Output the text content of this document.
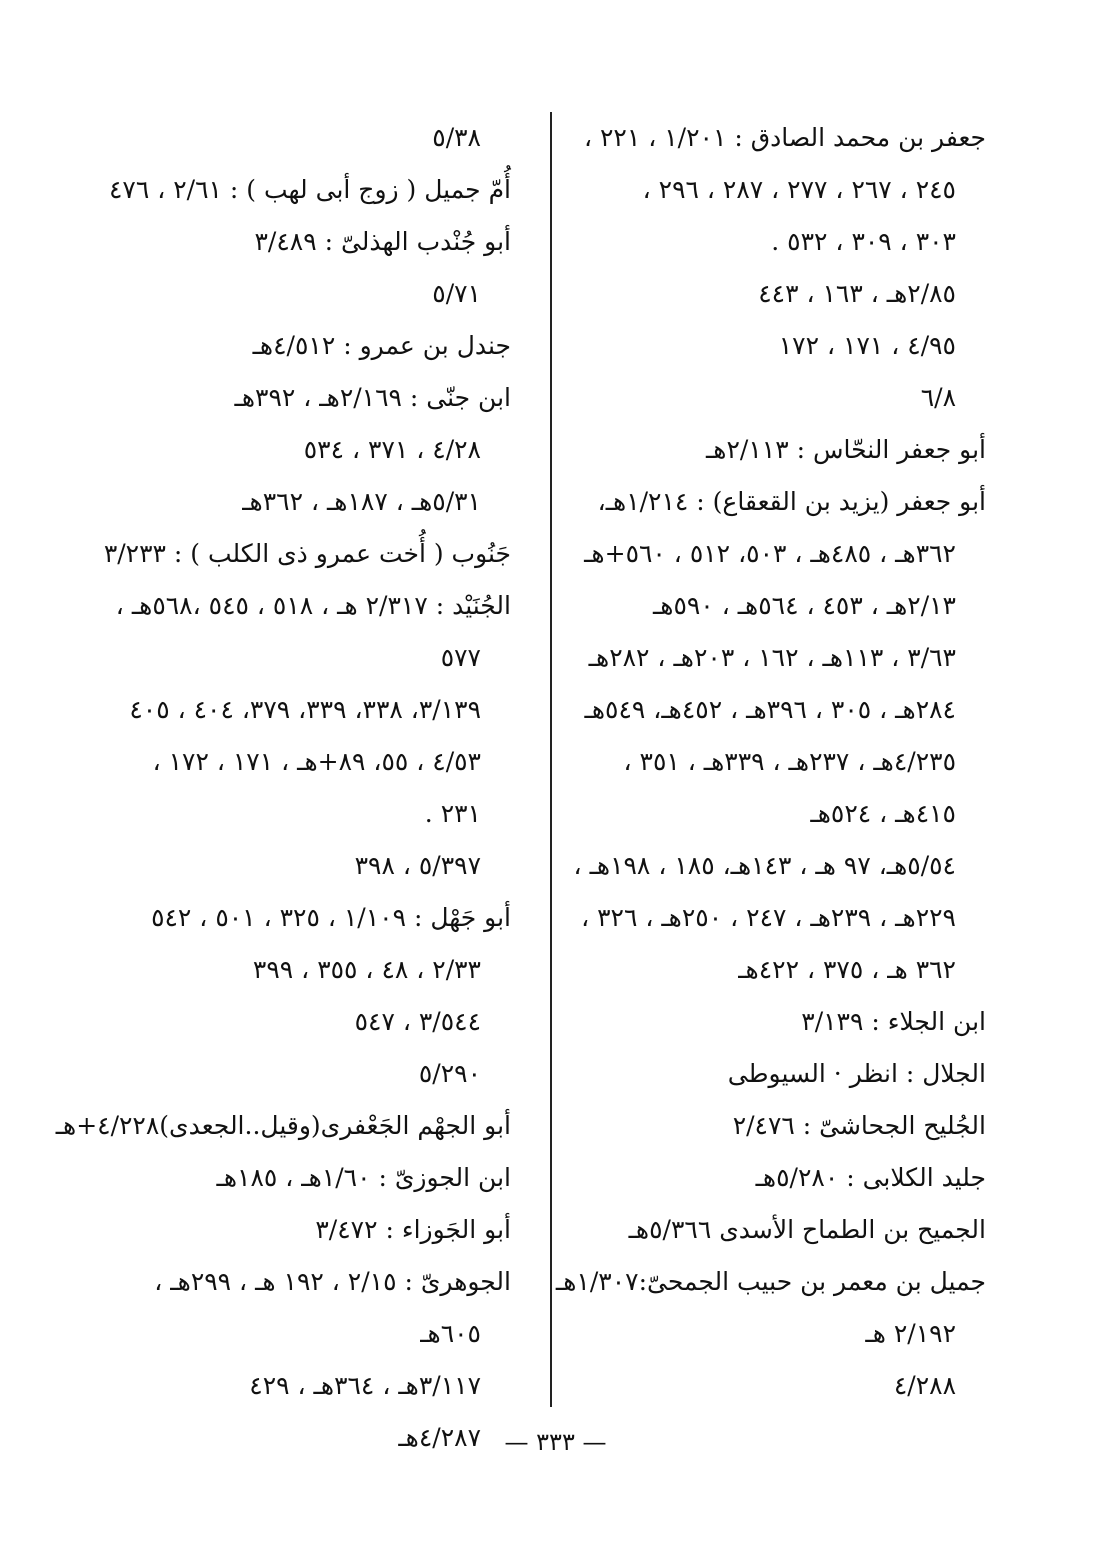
جعفر بن محمد الصادق : ١/٢٠١ ، ٢٢١ ،
٢٤٥ ، ٢٦٧ ، ٢٧٧ ، ٢٨٧ ، ٢٩٦ ،
٣٠٣ ، ٣٠٩ ، ٥٣٢ .
٢/٨٥هـ ، ١٦٣ ، ٤٤٣
٤/٩٥ ، ١٧١ ، ١٧٢
٦/٨
أبو جعفر النحّاس : ٢/١١٣هـ
أبو جعفر (يزيد بن القعقاع) : ١/٢١٤هـ،
٣٦٢هـ ، ٤٨٥هـ ، ٥٠٣، ٥١٢ ، ٥٦٠+هـ
٢/١٣هـ ، ٤٥٣ ، ٥٦٤هـ ، ٥٩٠هـ
٣/٦٣ ، ١١٣هـ ، ١٦٢ ، ٢٠٣هـ ، ٢٨٢هـ
٢٨٤هـ ، ٣٠٥ ، ٣٩٦هـ ، ٤٥٢هـ، ٥٤٩هـ
٤/٢٣٥هـ ، ٢٣٧هـ ، ٣٣٩هـ ، ٣٥١ ،
٤١٥هـ ، ٥٢٤هـ
٥/٥٤هـ، ٩٧ هـ ، ١٤٣هـ، ١٨٥ ، ١٩٨هـ ،
٢٢٩هـ ، ٢٣٩هـ ، ٢٤٧ ، ٢٥٠هـ ، ٣٢٦ ،
٣٦٢ هـ ، ٣٧٥ ، ٤٢٢هـ
ابن الجلاء : ٣/١٣٩
الجلال : انظر · السيوطى
الجُليح الجحاشىّ : ٢/٤٧٦
جليد الكلابى : ٥/٢٨٠هـ
الجميح بن الطماح الأسدى ٥/٣٦٦هـ
جميل بن معمر بن حبيب الجمحىّ:١/٣٠٧هـ
٢/١٩٢ هـ
٤/٢٨٨
٥/٣٨
أُمّ جميل ( زوج أبى لهب ) : ٢/٦١ ، ٤٧٦
أبو جُنْدب الهذلىّ : ٣/٤٨٩
٥/٧١
جندل بن عمرو : ٤/٥١٢هـ
ابن جنّى : ٢/١٦٩هـ ، ٣٩٢هـ
٤/٢٨ ، ٣٧١ ، ٥٣٤
٥/٣١هـ ، ١٨٧هـ ، ٣٦٢هـ
جَنُوب ( أُخت عمرو ذى الكلب ) : ٣/٢٣٣
الجُنَيْد : ٢/٣١٧ هـ ، ٥١٨ ، ٥٤٥ ،٥٦٨هـ ،
٥٧٧
٣/١٣٩، ٣٣٨، ٣٣٩، ٣٧٩، ٤٠٤ ، ٤٠٥
٤/٥٣ ، ٥٥، ٨٩+هـ ، ١٧١ ، ١٧٢ ،
٢٣١ .
٥/٣٩٧ ، ٣٩٨
أبو جَهْل : ١/١٠٩ ، ٣٢٥ ، ٥٠١ ، ٥٤٢
٢/٣٣ ، ٤٨ ، ٣٥٥ ، ٣٩٩
٣/٥٤٤ ، ٥٤٧
٥/٢٩٠
أبو الجهْم الجَعْفرى(وقيل..الجعدى)٤/٢٢٨+هـ
ابن الجوزىّ : ١/٦٠هـ ، ١٨٥هـ
أبو الجَوزاء : ٣/٤٧٢
الجوهرىّ : ٢/١٥ ، ١٩٢ هـ ، ٢٩٩هـ ،
٦٠٥هـ
٣/١١٧هـ ، ٣٦٤هـ ، ٤٢٩
٤/٢٨٧هـ — ٣٣٣ —
